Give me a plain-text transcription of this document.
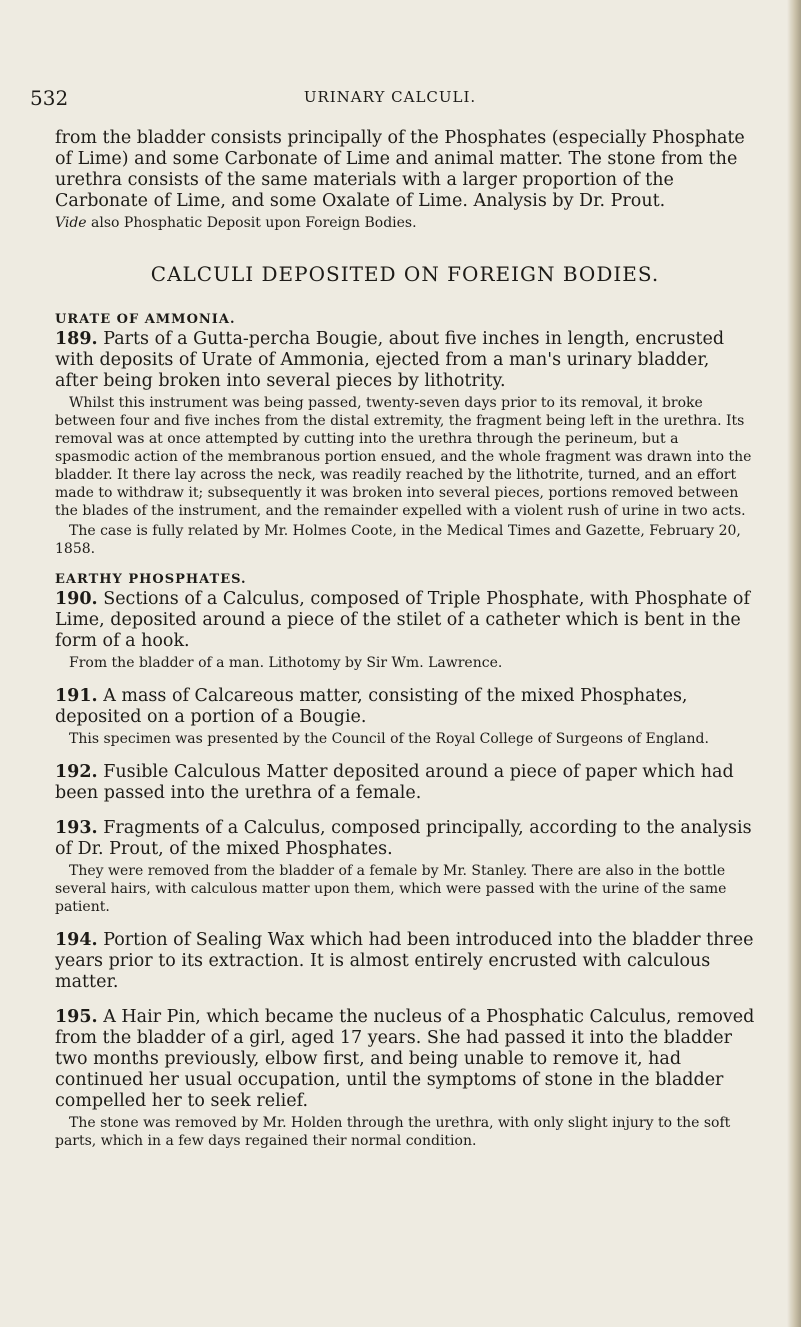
532	URINARY CALCULI.

from the bladder consists principally of the Phosphates (especially Phosphate of Lime) and some Carbonate of Lime and animal matter. The stone from the urethra consists of the same materials with a larger proportion of the Carbonate of Lime, and some Oxalate of Lime. Analysis by Dr. Prout.

Vide also Phosphatic Deposit upon Foreign Bodies.

CALCULI DEPOSITED ON FOREIGN BODIES.
URATE OF AMMONIA.

189. Parts of a Gutta-percha Bougie, about five inches in length, encrusted with deposits of Urate of Ammonia, ejected from a man's urinary bladder, after being broken into several pieces by lithotrity.

Whilst this instrument was being passed, twenty-seven days prior to its removal, it broke between four and five inches from the distal extremity, the fragment being left in the urethra. Its removal was at once attempted by cutting into the urethra through the perineum, but a spasmodic action of the membranous portion ensued, and the whole fragment was drawn into the bladder. It there lay across the neck, was readily reached by the lithotrite, turned, and an effort made to withdraw it; subsequently it was broken into several pieces, portions removed between the blades of the instrument, and the remainder expelled with a violent rush of urine in two acts.

The case is fully related by Mr. Holmes Coote, in the Medical Times and Gazette, February 20, 1858.

EARTHY PHOSPHATES.

190. Sections of a Calculus, composed of Triple Phosphate, with Phosphate of Lime, deposited around a piece of the stilet of a catheter which is bent in the form of a hook.

From the bladder of a man. Lithotomy by Sir Wm. Lawrence.

191. A mass of Calcareous matter, consisting of the mixed Phosphates, deposited on a portion of a Bougie.

This specimen was presented by the Council of the Royal College of Surgeons of England.

192. Fusible Calculous Matter deposited around a piece of paper which had been passed into the urethra of a female.

193. Fragments of a Calculus, composed principally, according to the analysis of Dr. Prout, of the mixed Phosphates.

They were removed from the bladder of a female by Mr. Stanley. There are also in the bottle several hairs, with calculous matter upon them, which were passed with the urine of the same patient.

194. Portion of Sealing Wax which had been introduced into the bladder three years prior to its extraction. It is almost entirely encrusted with calculous matter.

195. A Hair Pin, which became the nucleus of a Phosphatic Calculus, removed from the bladder of a girl, aged 17 years. She had passed it into the bladder two months previously, elbow first, and being unable to remove it, had continued her usual occupation, until the symptoms of stone in the bladder compelled her to seek relief.

The stone was removed by Mr. Holden through the urethra, with only slight injury to the soft parts, which in a few days regained their normal condition.
